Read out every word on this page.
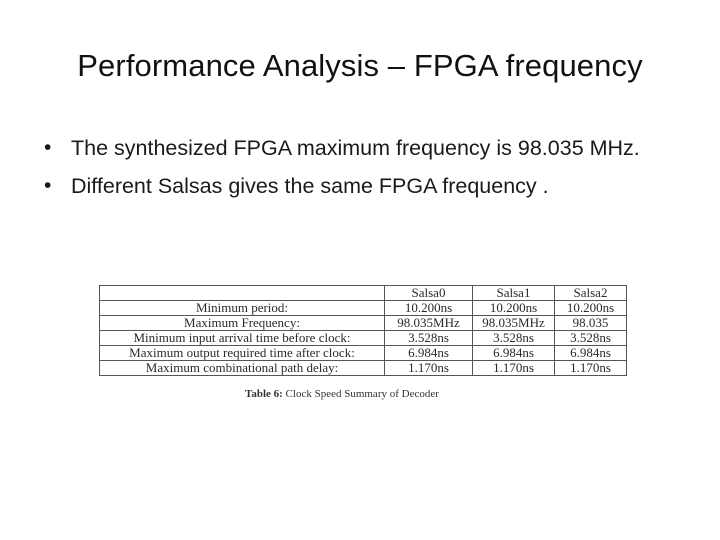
Performance Analysis – FPGA frequency
• The synthesized FPGA maximum frequency is 98.035 MHz.
• Different Salsas gives the same FPGA frequency .
	Salsa0	Salsa1	Salsa2
Minimum period:	10.200ns	10.200ns	10.200ns
Maximum Frequency:	98.035MHz	98.035MHz	98.035
Minimum input arrival time before clock:	3.528ns	3.528ns	3.528ns
Maximum output required time after clock:	6.984ns	6.984ns	6.984ns
Maximum combinational path delay:	1.170ns	1.170ns	1.170ns
Table 6: Clock Speed Summary of Decoder
